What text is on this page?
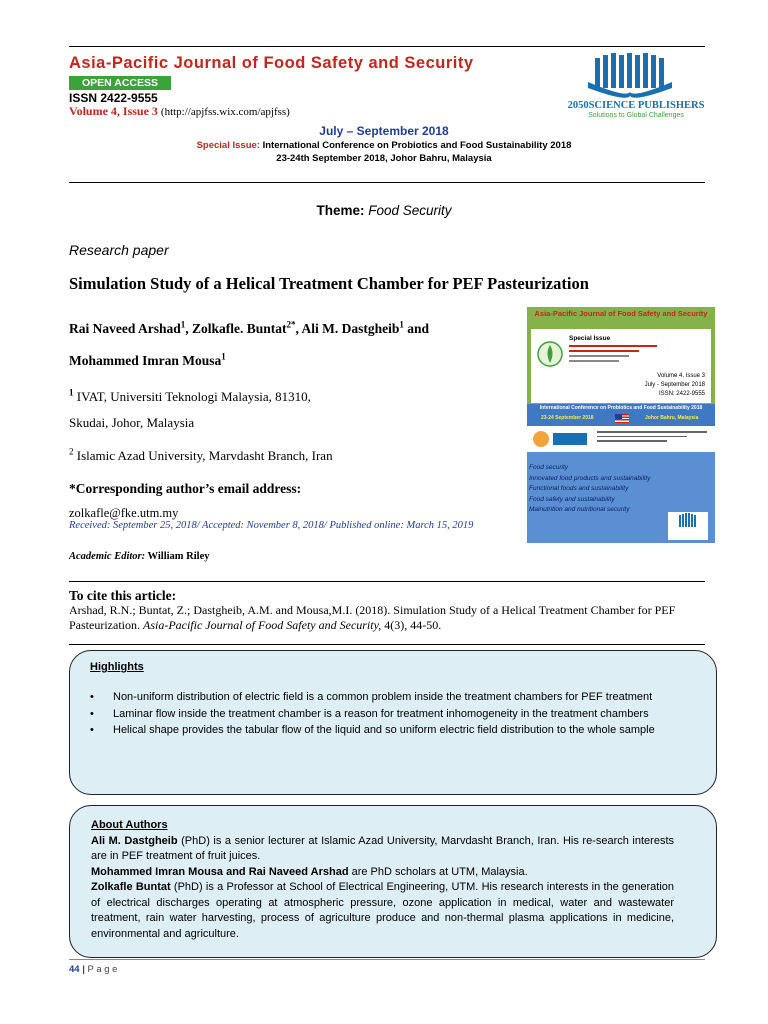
Asia-Pacific Journal of Food Safety and Security
OPEN ACCESS
ISSN 2422-9555
Volume 4, Issue 3 (http://apjfss.wix.com/apjfss)
2050SCIENCE PUBLISHERS
Solutions to Global Challenges
July – September 2018
Special Issue: International Conference on Probiotics and Food Sustainability 2018
23-24th September 2018, Johor Bahru, Malaysia
Theme: Food Security
Research paper
Simulation Study of a Helical Treatment Chamber for PEF Pasteurization
Rai Naveed Arshad$^1$, Zolkafle. Buntat$^{2*}$, Ali M. Dastgheib$^1$ and
Mohammed Imran Mousa$^1$
$^1$ IVAT, Universiti Teknologi Malaysia, 81310,
Skudai, Johor, Malaysia
$^2$ Islamic Azad University, Marvdasht Branch, Iran
*Corresponding author’s email address:
zolkafle@fke.utm.my
Received: September 25, 2018/ Accepted: November 8, 2018/ Published online: March 15, 2019
Academic Editor: William Riley
Asia-Pacific Journal of Food Safety and Security
Special Issue
Volume 4, Issue 3
July - September 2018
ISSN: 2422-9555
International Conference on Probiotics and Food Sustainability 2018
23-24 September 2018	Johor Bahru, Malaysia
Food security
Innovated food products and sustainability
Functional foods and sustainability
Food safety and sustainability
Malnutrition and nutritional security
To cite this article:
Arshad, R.N.; Buntat, Z.; Dastgheib, A.M. and Mousa,M.I. (2018). Simulation Study of a Helical Treatment Chamber for PEF Pasteurization. Asia-Pacific Journal of Food Safety and Security, 4(3), 44-50.
Highlights
• Non-uniform distribution of electric field is a common problem inside the treatment chambers for PEF treatment
• Laminar flow inside the treatment chamber is a reason for treatment inhomogeneity in the treatment chambers
• Helical shape provides the tabular flow of the liquid and so uniform electric field distribution to the whole sample
About Authors
Ali M. Dastgheib (PhD) is a senior lecturer at Islamic Azad University, Marvdasht Branch, Iran. His re-search interests are in PEF treatment of fruit juices.
Mohammed Imran Mousa and Rai Naveed Arshad are PhD scholars at UTM, Malaysia.
Zolkafle Buntat (PhD) is a Professor at School of Electrical Engineering, UTM. His research interests in the generation of electrical discharges operating at atmospheric pressure, ozone application in medical, water and wastewater treatment, rain water harvesting, process of agriculture produce and non-thermal plasma applications in medicine, environmental and agriculture.
44 | P a g e
